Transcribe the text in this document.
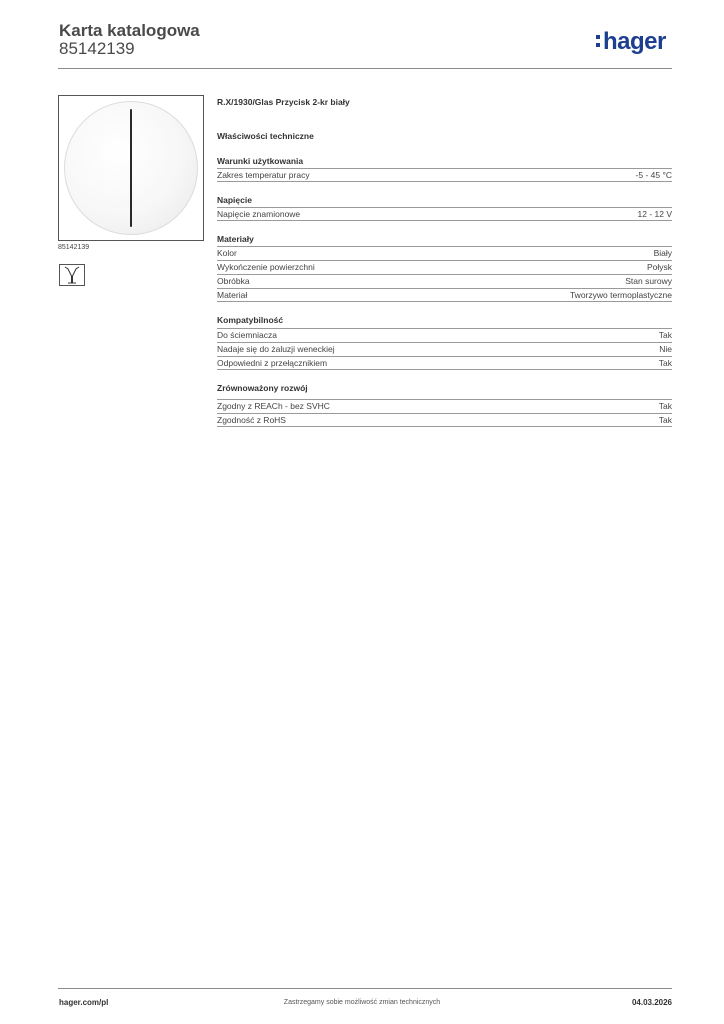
Karta katalogowa
85142139	hager
85142139
R.X/1930/Glas Przycisk 2-kr biały
Właściwości techniczne
Warunki użytkowania
Zakres temperatur pracy	-5 - 45 °C
Napięcie
Napięcie znamionowe	12 - 12 V
Materiały
Kolor	Biały
Wykończenie powierzchni	Połysk
Obróbka	Stan surowy
Materiał	Tworzywo termoplastyczne
Kompatybilność
Do ściemniacza	Tak
Nadaje się do żaluzji weneckiej	Nie
Odpowiedni z przełącznikiem	Tak
Zrównoważony rozwój
Zgodny z REACh - bez SVHC	Tak
Zgodność z RoHS	Tak
hager.com/pl	Zastrzegamy sobie możliwość zmian technicznych	04.03.2026
